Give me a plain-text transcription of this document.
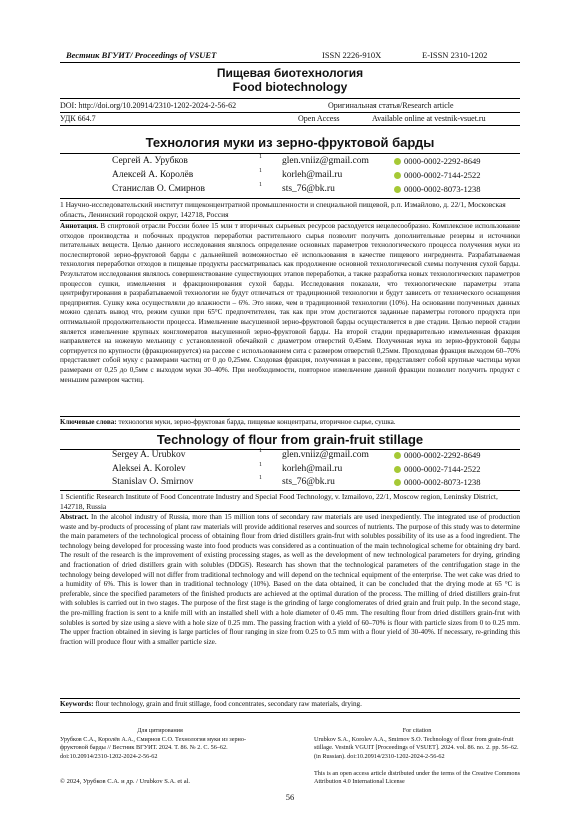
Вестник ВГУИТ/ Proceedings of VSUET	ISSN 2226-910X	E-ISSN 2310-1202
Пищевая биотехнология
Food biotechnology
DOI: http://doi.org/10.20914/2310-1202-2024-2-56-62	Оригинальная статья/Research article
УДК 664.7	Open Access	Available online at vestnik-vsuet.ru
Технология муки из зерно-фруктовой барды
Сергей А. Урубков	1 glen.vniiz@gmail.com	0000-0002-2292-8649
Алексей А. Королёв	1 korleh@mail.ru	0000-0002-7144-2522
Станислав О. Смирнов	1 sts_76@bk.ru	0000-0002-8073-1238
1 Научно-исследовательский институт пищеконцентратной промышленности и специальной пищевой, р.п. Измайлово, д. 22/1, Московская область, Ленинский городской округ, 142718, Россия
Аннотация. В спиртовой отрасли России более 15 млн т вторичных сырьевых ресурсов расходуется нецелесообразно. Комплексное использование отходов производства и побочных продуктов переработки растительного сырья позволит получить дополнительные резервы и источники питательных веществ. Целью данного исследования являлось определение основных параметров технологического процесса получения муки из послеспиртовой зерно-фруктовой барды с дальнейшей возможностью её использования в качестве пищевого ингредиента. Разрабатываемая технология переработки отходов в пищевые продукты рассматривалась как продолжение основной технологической схемы получения сухой барды. Результатом исследования являлось совершенствование существующих этапов переработки, а также разработка новых технологических параметров процессов сушки, измельчения и фракционирования сухой барды. Исследования показали, что технологические параметры этапа центрифугирования в разрабатываемой технологии не будут отличаться от традиционной технологии и будут зависеть от технического оснащения предприятия. Сушку кека осуществляли до влажности – 6%. Это ниже, чем в традиционной технологии (10%). На основании полученных данных можно сделать вывод что, режим сушки при 65°С предпочтителен, так как при этом достигаются заданные параметры готового продукта при оптимальной продолжительности процесса. Измельчение высушенной зерно-фруктовой барды осуществляется в две стадии. Целью первой стадии является измельчение крупных конгломератов высушенной зерно-фруктовой барды. На второй стадии предварительно измельченная фракция направляется на ножевую мельницу с установленной обечайкой с диаметром отверстий 0,45мм. Полученная мука из зерно-фруктовой барды сортируется по крупности (фракционируется) на рассеве с использованием сита с размером отверстий 0,25мм. Проходовая фракция выходом 60–70% представляет собой муку с размерами частиц от 0 до 0,25мм. Сходовая фракция, полученная в рассеве, представляет собой крупные частицы муки размерами от 0,25 до 0,5мм с выходом муки 30–40%. При необходимости, повторное измельчение данной фракции позволит получить продукт с меньшим размером частиц.
Ключевые слова: технология муки, зерно-фруктовая барда, пищевые концентраты, вторичное сырье, сушка.
Technology of flour from grain-fruit stillage
Sergey A. Urubkov	1 glen.vniiz@gmail.com	0000-0002-2292-8649
Aleksei A. Korolev	1 korleh@mail.ru	0000-0002-7144-2522
Stanislav O. Smirnov	1 sts_76@bk.ru	0000-0002-8073-1238
1 Scientific Research Institute of Food Concentrate Industry and Special Food Technology, v. Izmailovo, 22/1, Moscow region, Leninsky District, 142718, Russia
Abstract. In the alcohol industry of Russia, more than 15 million tons of secondary raw materials are used inexpediently. The integrated use of production waste and by-products of processing of plant raw materials will provide additional reserves and sources of nutrients. The purpose of this study was to determine the main parameters of the technological process of obtaining flour from dried distillers grain-frut with solubles possibility of its use as a food ingredient. The technology being developed for processing waste into food products was considered as a continuation of the main technological scheme for obtaining dry bard. The result of the research is the improvement of existing processing stages, as well as the development of new technological parameters for drying, grinding and fractionation of dried distillers grain with solubles (DDGS). Research has shown that the technological parameters of the centrifugation stage in the technology being developed will not differ from traditional technology and will depend on the technical equipment of the enterprise. The wet cake was dried to a humidity of 6%. This is lower than in traditional technology (10%). Based on the data obtained, it can be concluded that the drying mode at 65 °C is preferable, since the specified parameters of the finished products are achieved at the optimal duration of the process. The milling of dried distillers grain-frut with solubles is carried out in two stages. The purpose of the first stage is the grinding of large conglomerates of dried grain and fruit pulp. In the second stage, the pre-milling fraction is sent to a knife mill with an installed shell with a hole diameter of 0.45 mm. The resulting flour from dried distillers grain-frut with solubles is sorted by size using a sieve with a hole size of 0.25 mm. The passing fraction with a yield of 60–70% is flour with particle sizes from 0 to 0.25 mm. The upper fraction obtained in sieving is large particles of flour ranging in size from 0.25 to 0.5 mm with a flour yield of 30-40%. If necessary, re-grinding this fraction will produce flour with a smaller particle size.
Keywords: flour technology, grain and fruit stillage, food concentrates, secondary raw materials, drying.
Для цитирования
Урубков С.А., Королёв А.А., Смирнов С.О. Технология муки из зерно-фруктовой барды // Вестник ВГУИТ. 2024. Т. 86. № 2. С. 56–62. doi:10.20914/2310-1202-2024-2-56-62
For citation
Urubkov S.A., Korolev A.A., Smirnov S.O. Technology of flour from grain-fruit stillage. Vestnik VGUIT [Proceedings of VSUET]. 2024. vol. 86. no. 2. pp. 56–62. (in Russian). doi:10.20914/2310-1202-2024-2-56-62
© 2024, Урубков С.А. и др. / Urubkov S.A. et al.
This is an open access article distributed under the terms of the Creative Commons Attribution 4.0 International License
56
